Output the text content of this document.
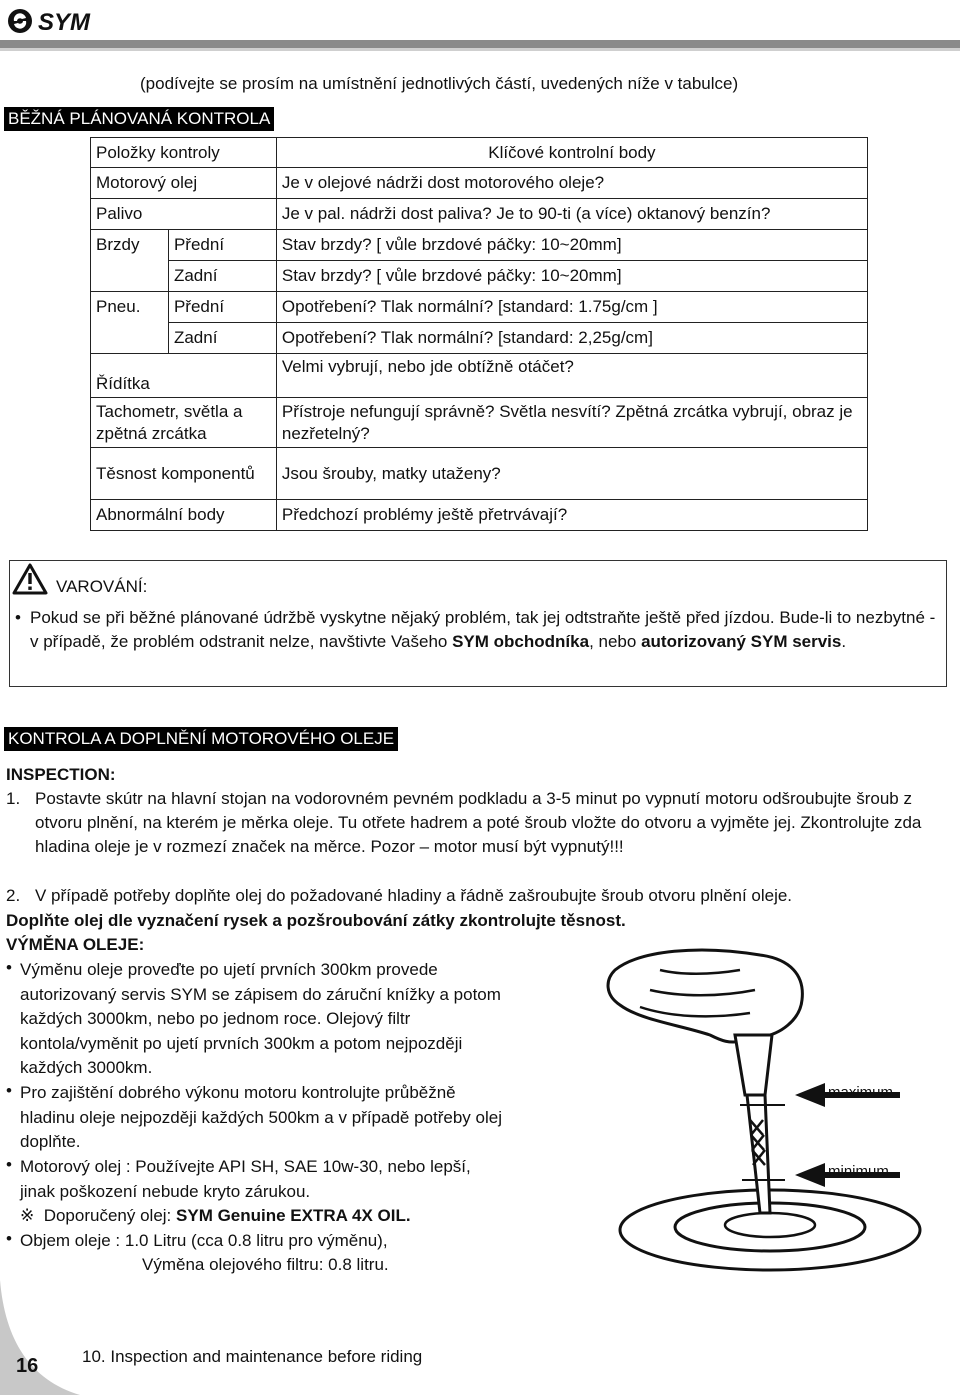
SYM
(podívejte se prosím na umístnění jednotlivých částí, uvedených níže v tabulce)
BĚŽNÁ PLÁNOVANÁ KONTROLA
Položky kontroly		Klíčové kontrolní body
Motorový olej		Je v olejové nádrži dost motorového oleje?
Palivo		Je v pal. nádrži dost paliva? Je to 90-ti (a více) oktanový benzín?
Brzdy	Přední	Stav brzdy? [ vůle brzdové páčky: 10~20mm]
	Zadní	Stav brzdy? [ vůle brzdové páčky: 10~20mm]
Pneu.	Přední	Opotřebení? Tlak normální? [standard: 1.75g/cm ]
	Zadní	Opotřebení? Tlak normální? [standard: 2,25g/cm]
Řídítka		Velmi vybrují, nebo jde obtížně otáčet?
Tachometr, světla a zpětná zrcátka		Přístroje nefungují správně? Světla nesvítí? Zpětná zrcátka vybrují, obraz je nezřetelný?
Těsnost komponentů		Jsou šrouby, matky utaženy?
Abnormální body		Předchozí problémy ještě přetrvávají?
VAROVÁNÍ:
• Pokud se při běžné plánované údržbě vyskytne nějaký problém, tak jej odtstraňte ještě před jízdou. Bude-li to nezbytné - v případě, že problém odstranit nelze, navštivte Vašeho SYM obchodníka, nebo autorizovaný SYM servis.
KONTROLA A DOPLNĚNÍ MOTOROVÉHO OLEJE
INSPECTION:
1. Postavte skútr na hlavní stojan na vodorovném pevném podkladu a 3-5 minut po vypnutí motoru odšroubujte šroub z otvoru plnění, na kterém je měrka oleje. Tu otřete hadrem a poté šroub vložte do otvoru a vyjměte jej. Zkontrolujte zda hladina oleje je v rozmezí značek na měrce. Pozor – motor musí být vypnutý!!!
2. V případě potřeby doplňte olej do požadované hladiny a řádně zašroubujte šroub otvoru plnění oleje.
Doplňte olej dle vyznačení rysek a pozšroubování zátky zkontrolujte těsnost.
VÝMĚNA OLEJE:
• Výměnu oleje proveďte po ujetí prvních 300km provede autorizovaný servis SYM se zápisem do záruční knížky a potom každých 3000km, nebo po jednom roce. Olejový filtr kontola/vyměnit po ujetí prvních 300km a potom nejpozději každých 3000km.
• Pro zajištění dobrého výkonu motoru kontrolujte průběžně hladinu oleje nejpozději každých 500km a v případě potřeby olej doplňte.
• Motorový olej : Používejte API SH, SAE 10w-30, nebo lepší, jinak poškození nebude kryto zárukou.
※ Doporučený olej: SYM Genuine EXTRA 4X OIL.
• Objem oleje : 1.0 Litru (cca 0.8 litru pro výměnu),
Výměna olejového filtru: 0.8 litru.
maximum
minimum
16	10. Inspection and maintenance before riding
